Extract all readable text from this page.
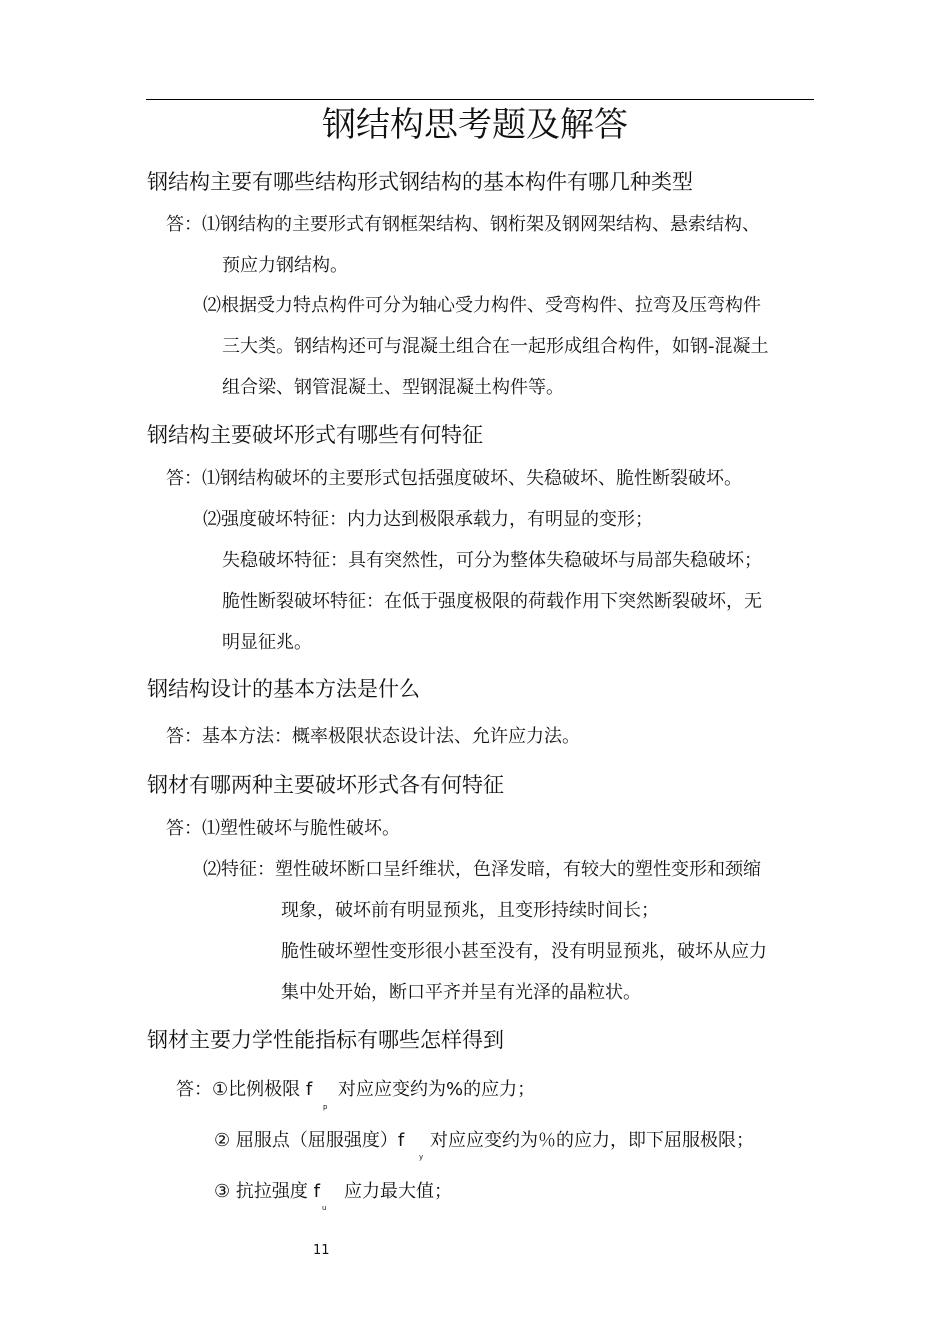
钢结构思考题及解答
钢结构主要有哪些结构形式钢结构的基本构件有哪几种类型
答：⑴钢结构的主要形式有钢框架结构、钢桁架及钢网架结构、悬索结构、
预应力钢结构。
⑵根据受力特点构件可分为轴心受力构件、受弯构件、拉弯及压弯构件
三大类。钢结构还可与混凝土组合在一起形成组合构件，如钢-混凝土
组合梁、钢管混凝土、型钢混凝土构件等。
钢结构主要破坏形式有哪些有何特征
答：⑴钢结构破坏的主要形式包括强度破坏、失稳破坏、脆性断裂破坏。
⑵强度破坏特征：内力达到极限承载力，有明显的变形；
失稳破坏特征：具有突然性，可分为整体失稳破坏与局部失稳破坏；
脆性断裂破坏特征：在低于强度极限的荷载作用下突然断裂破坏，无
明显征兆。
钢结构设计的基本方法是什么
答：基本方法：概率极限状态设计法、允许应力法。
钢材有哪两种主要破坏形式各有何特征
答：⑴塑性破坏与脆性破坏。
⑵特征：塑性破坏断口呈纤维状，色泽发暗，有较大的塑性变形和颈缩
现象，破坏前有明显预兆，且变形持续时间长；
脆性破坏塑性变形很小甚至没有，没有明显预兆，破坏从应力
集中处开始，断口平齐并呈有光泽的晶粒状。
钢材主要力学性能指标有哪些怎样得到
答：①比例极限 f
p
对应应变约为%的应力；
② 屈服点（屈服强度）f
y
对应应变约为％的应力，即下屈服极限；
③ 抗拉强度 f
u
应力最大值；
11
